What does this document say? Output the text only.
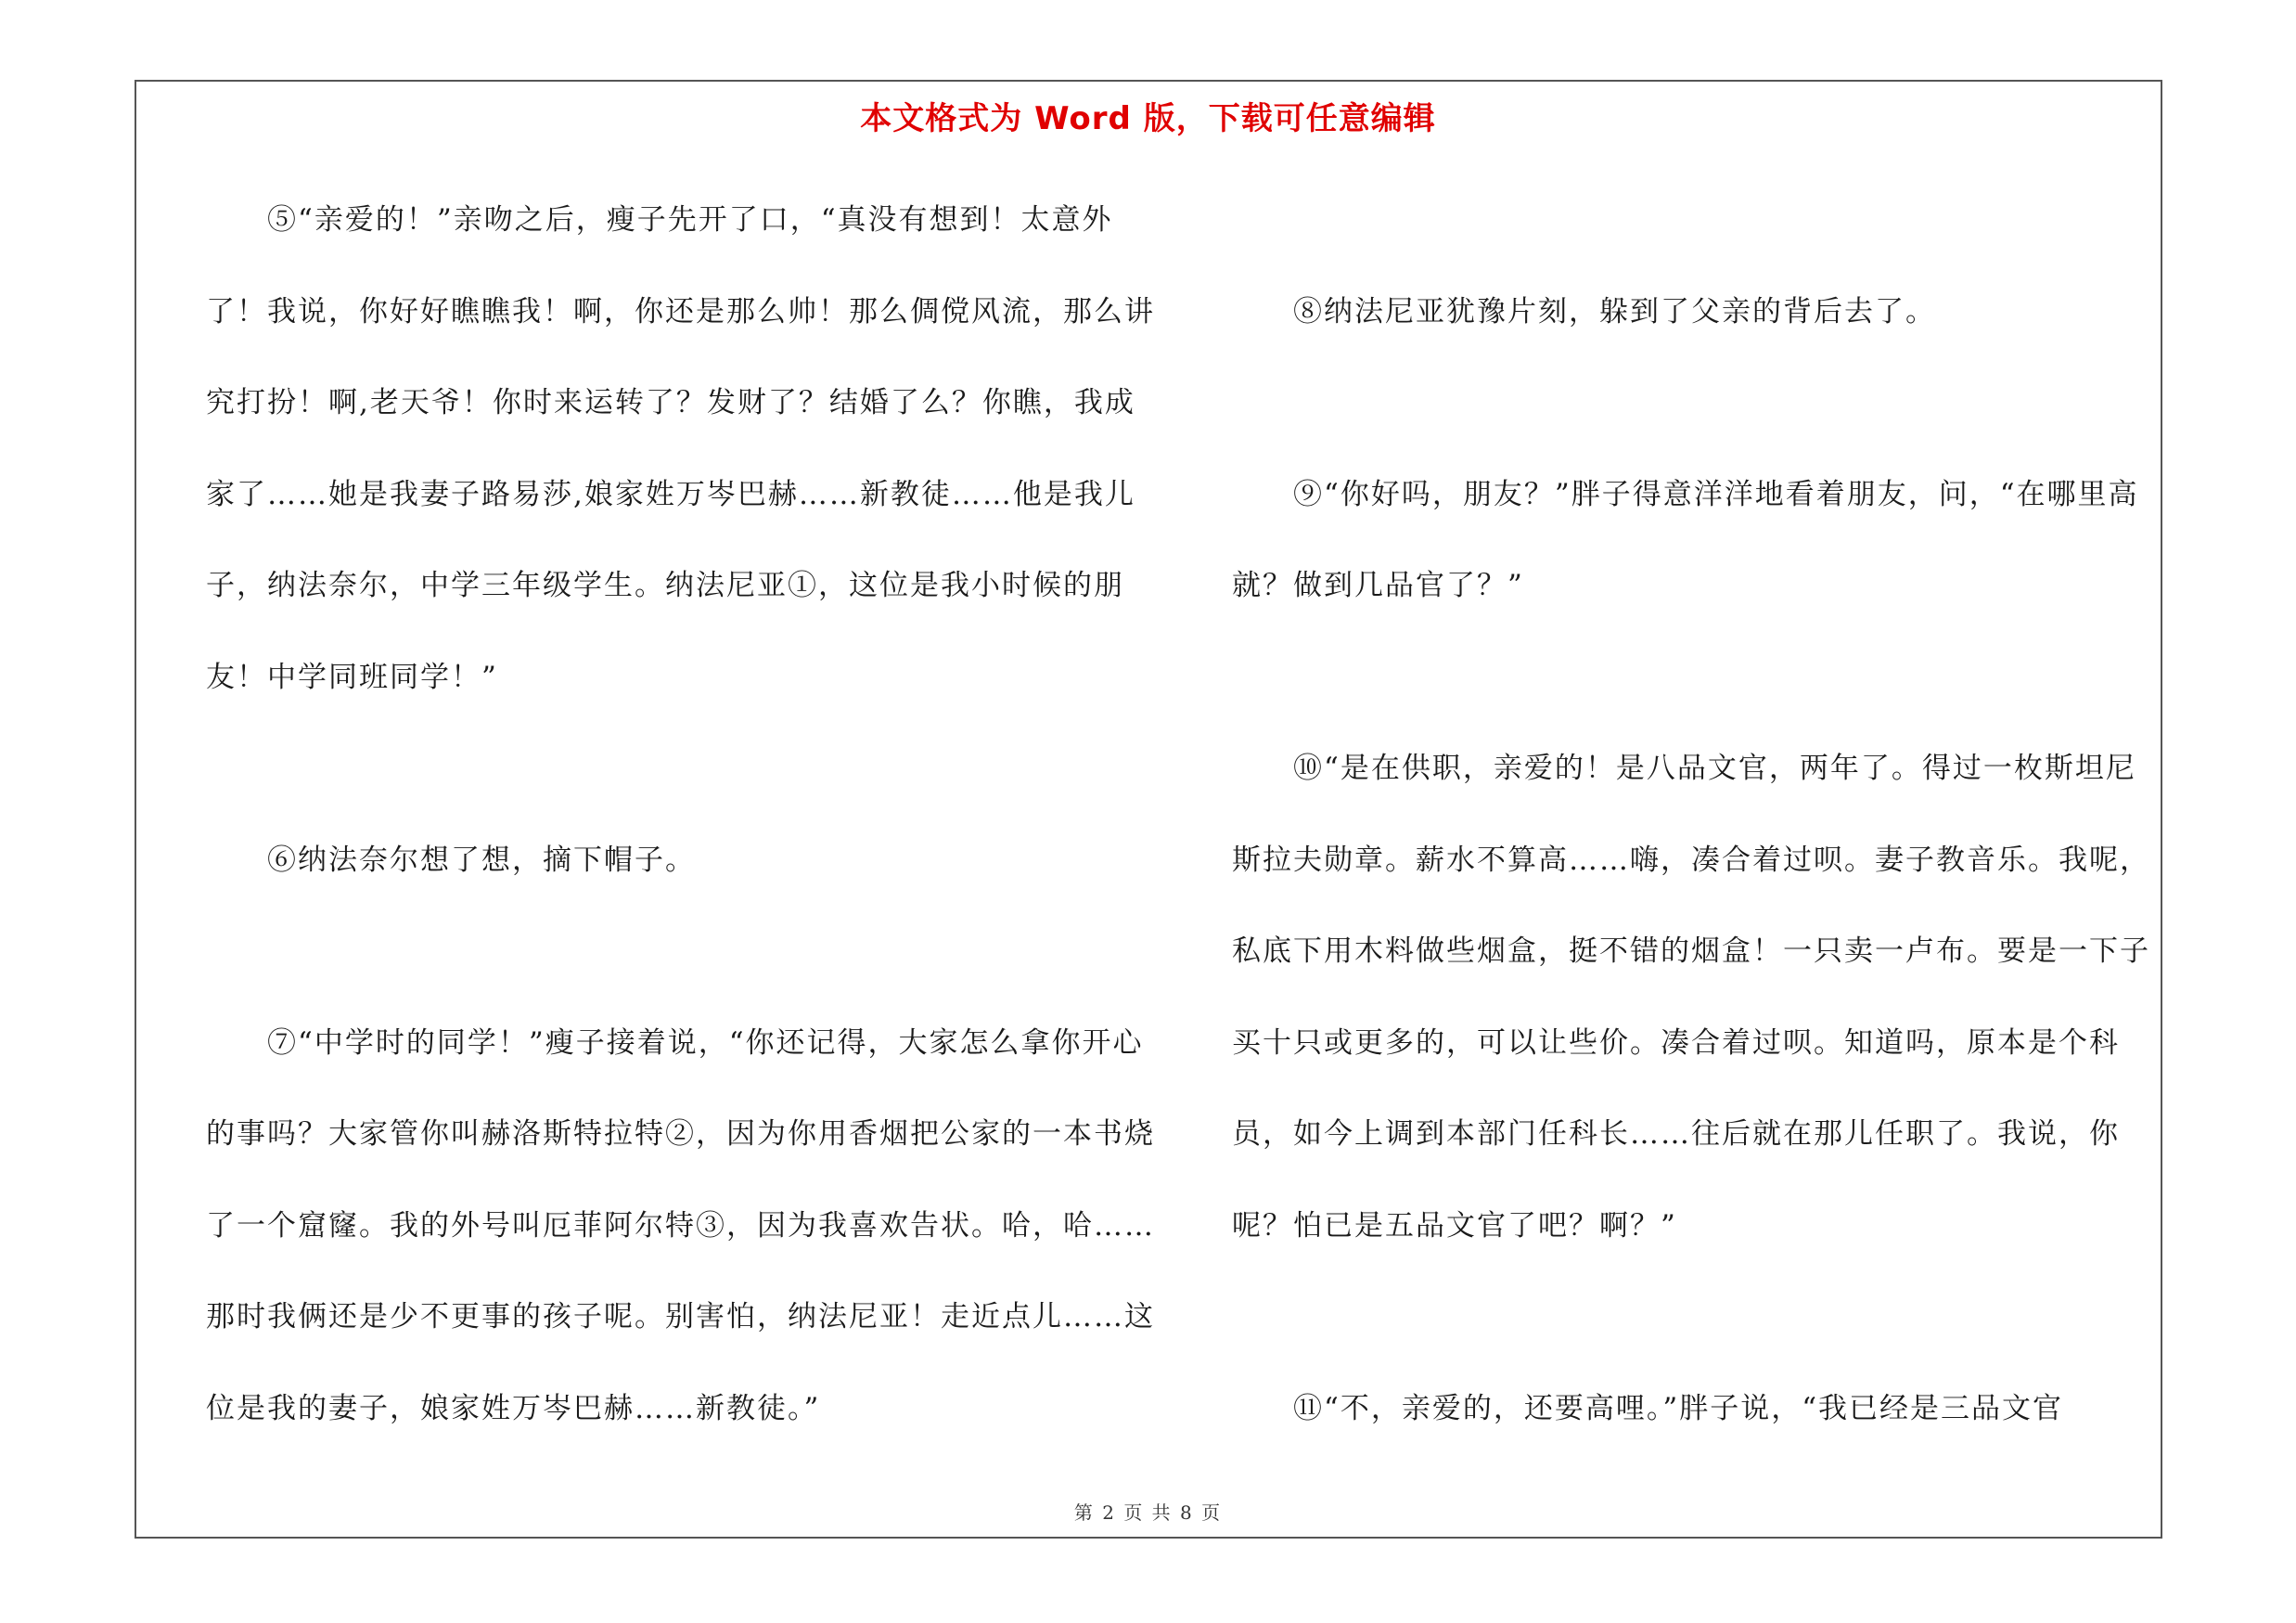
本文格式为 Word 版，下载可任意编辑

⑤“亲爱的！”亲吻之后，瘦子先开了口，“真没有想到！太意外了！我说，你好好瞧瞧我！啊，你还是那么帅！那么倜傥风流，那么讲究打扮！啊,老天爷！你时来运转了？发财了？结婚了么？你瞧，我成家了……她是我妻子路易莎,娘家姓万岑巴赫……新教徒……他是我儿子，纳法奈尔，中学三年级学生。纳法尼亚①，这位是我小时候的朋友！中学同班同学！”

⑥纳法奈尔想了想，摘下帽子。

⑦“中学时的同学！”瘦子接着说，“你还记得，大家怎么拿你开心的事吗？大家管你叫赫洛斯特拉特②，因为你用香烟把公家的一本书烧了一个窟窿。我的外号叫厄菲阿尔特③，因为我喜欢告状。哈，哈……那时我俩还是少不更事的孩子呢。别害怕，纳法尼亚！走近点儿……这位是我的妻子，娘家姓万岑巴赫……新教徒。”

⑧纳法尼亚犹豫片刻，躲到了父亲的背后去了。

⑨“你好吗，朋友？”胖子得意洋洋地看着朋友，问，“在哪里高就？做到几品官了？”

⑩“是在供职，亲爱的！是八品文官，两年了。得过一枚斯坦尼斯拉夫勋章。薪水不算高……嗨，凑合着过呗。妻子教音乐。我呢，私底下用木料做些烟盒，挺不错的烟盒！一只卖一卢布。要是一下子买十只或更多的，可以让些价。凑合着过呗。知道吗，原本是个科员，如今上调到本部门任科长……往后就在那儿任职了。我说，你呢？怕已是五品文官了吧？啊？”

⑪“不，亲爱的，还要高哩。”胖子说，“我已经是三品文官

第 2 页 共 8 页
